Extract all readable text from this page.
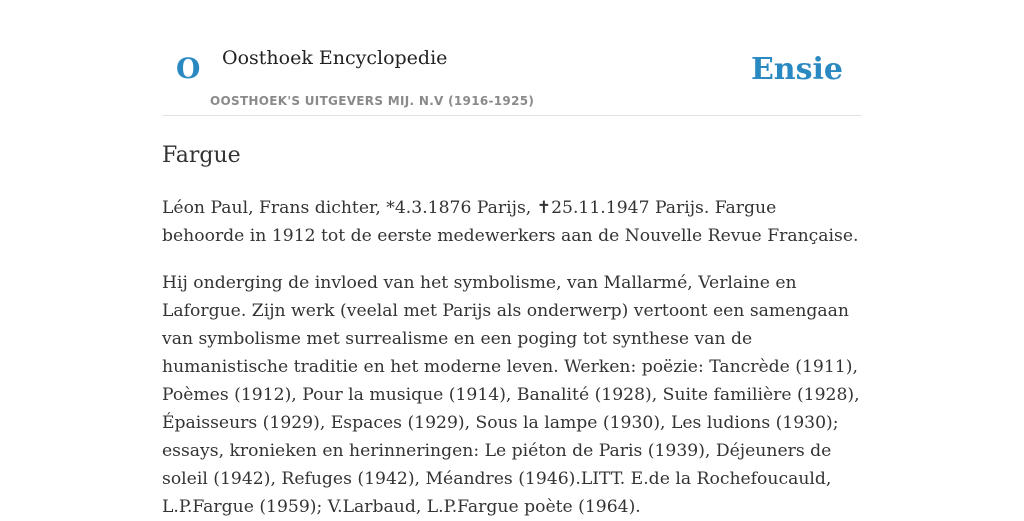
O Oosthoek Encyclopedie
OOSTHOEK'S UITGEVERS MIJ. N.V (1916-1925)
Ensie
Fargue

Léon Paul, Frans dichter, *4.3.1876 Parijs, ✝25.11.1947 Parijs. Fargue behoorde in 1912 tot de eerste medewerkers aan de Nouvelle Revue Française.

Hij onderging de invloed van het symbolisme, van Mallarmé, Verlaine en Laforgue. Zijn werk (veelal met Parijs als onderwerp) vertoont een samengaan van symbolisme met surrealisme en een poging tot synthese van de humanistische traditie en het moderne leven. Werken: poëzie: Tancrède (1911), Poèmes (1912), Pour la musique (1914), Banalité (1928), Suite familière (1928), Épaisseurs (1929), Espaces (1929), Sous la lampe (1930), Les ludions (1930); essays, kronieken en herinneringen: Le piéton de Paris (1939), Déjeuners de soleil (1942), Refuges (1942), Méandres (1946).LITT. E.de la Rochefoucauld, L.P.Fargue (1959); V.Larbaud, L.P.Fargue poète (1964).
